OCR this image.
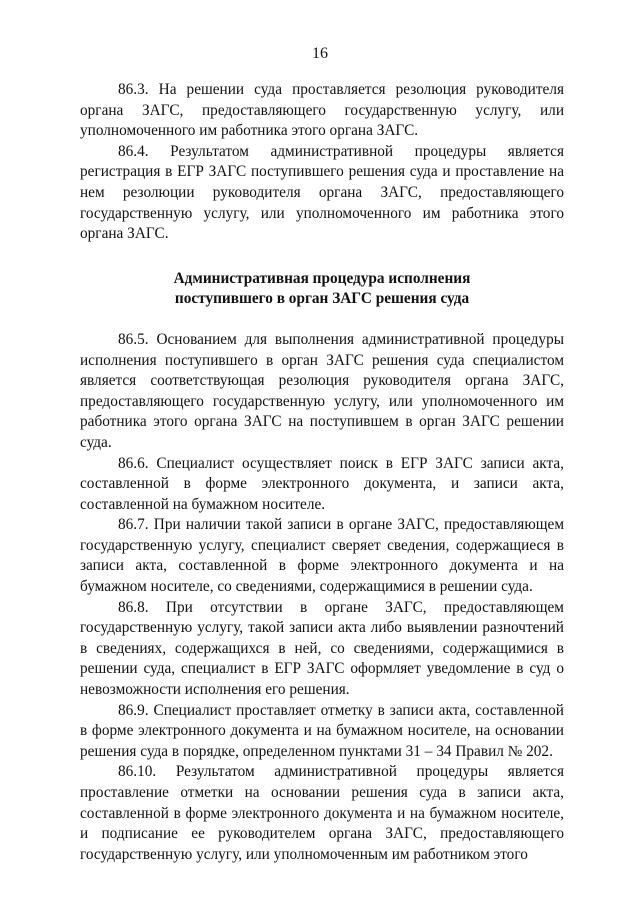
16

86.3. На решении суда проставляется резолюция руководителя органа ЗАГС, предоставляющего государственную услугу, или уполномоченного им работника этого органа ЗАГС.

86.4. Результатом административной процедуры является регистрация в ЕГР ЗАГС поступившего решения суда и проставление на нем резолюции руководителя органа ЗАГС, предоставляющего государственную услугу, или уполномоченного им работника этого органа ЗАГС.

Административная процедура исполнения
поступившего в орган ЗАГС решения суда

86.5. Основанием для выполнения административной процедуры исполнения поступившего в орган ЗАГС решения суда специалистом является соответствующая резолюция руководителя органа ЗАГС, предоставляющего государственную услугу, или уполномоченного им работника этого органа ЗАГС на поступившем в орган ЗАГС решении суда.

86.6. Специалист осуществляет поиск в ЕГР ЗАГС записи акта, составленной в форме электронного документа, и записи акта, составленной на бумажном носителе.

86.7. При наличии такой записи в органе ЗАГС, предоставляющем государственную услугу, специалист сверяет сведения, содержащиеся в записи акта, составленной в форме электронного документа и на бумажном носителе, со сведениями, содержащимися в решении суда.

86.8. При отсутствии в органе ЗАГС, предоставляющем государственную услугу, такой записи акта либо выявлении разночтений в сведениях, содержащихся в ней, со сведениями, содержащимися в решении суда, специалист в ЕГР ЗАГС оформляет уведомление в суд о невозможности исполнения его решения.

86.9. Специалист проставляет отметку в записи акта, составленной в форме электронного документа и на бумажном носителе, на основании решения суда в порядке, определенном пунктами 31 – 34 Правил № 202.

86.10. Результатом административной процедуры является проставление отметки на основании решения суда в записи акта, составленной в форме электронного документа и на бумажном носителе, и подписание ее руководителем органа ЗАГС, предоставляющего государственную услугу, или уполномоченным им работником этого
